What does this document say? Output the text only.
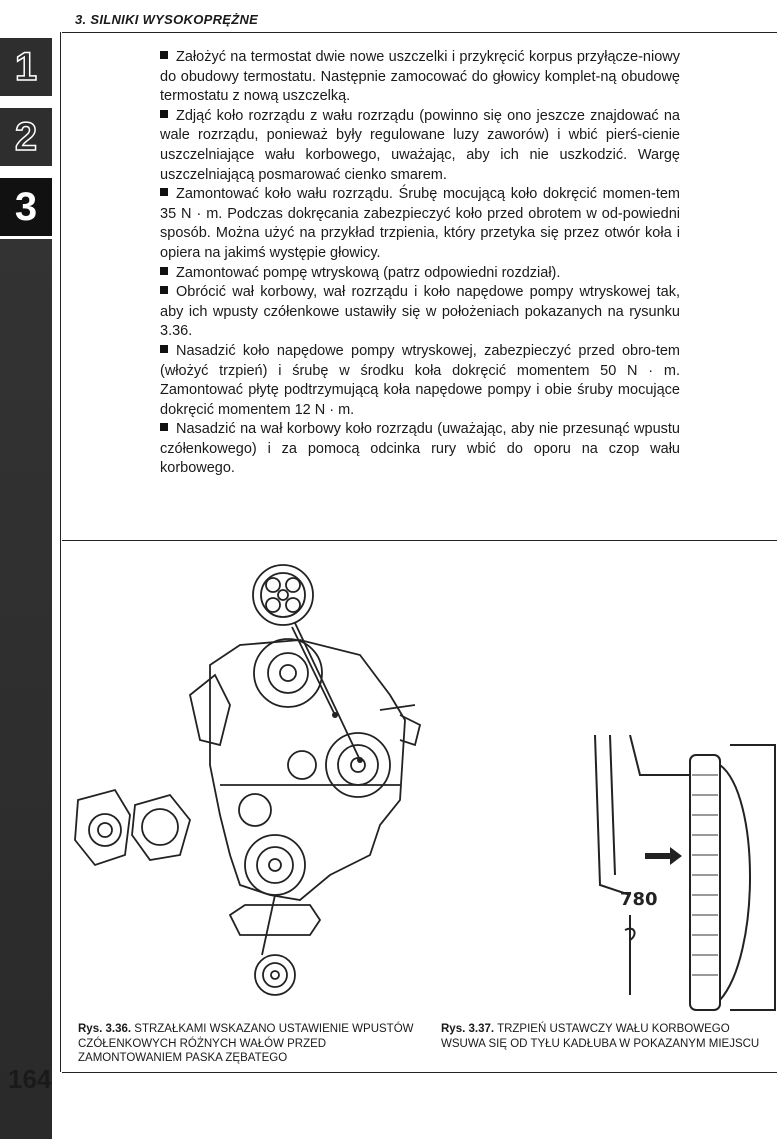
3. SILNIKI WYSOKOPRĘŻNE
1
2
3

Założyć na termostat dwie nowe uszczelki i przykręcić korpus przyłącze-niowy do obudowy termostatu. Następnie zamocować do głowicy komplet-ną obudowę termostatu z nową uszczelką.

Zdjąć koło rozrządu z wału rozrządu (powinno się ono jeszcze znajdować na wale rozrządu, ponieważ były regulowane luzy zaworów) i wbić pierś-cienie uszczelniające wału korbowego, uważając, aby ich nie uszkodzić. Wargę uszczelniającą posmarować cienko smarem.

Zamontować koło wału rozrządu. Śrubę mocującą koło dokręcić momen-tem 35 N · m. Podczas dokręcania zabezpieczyć koło przed obrotem w od-powiedni sposób. Można użyć na przykład trzpienia, który przetyka się przez otwór koła i opiera na jakimś występie głowicy.

Zamontować pompę wtryskową (patrz odpowiedni rozdział).

Obrócić wał korbowy, wał rozrządu i koło napędowe pompy wtryskowej tak, aby ich wpusty czółenkowe ustawiły się w położeniach pokazanych na rysunku 3.36.

Nasadzić koło napędowe pompy wtryskowej, zabezpieczyć przed obro-tem (włożyć trzpień) i śrubę w środku koła dokręcić momentem 50 N · m. Zamontować płytę podtrzymującą koła napędowe pompy i obie śruby mocujące dokręcić momentem 12 N · m.

Nasadzić na wał korbowy koło rozrządu (uważając, aby nie przesunąć wpustu czółenkowego) i za pomocą odcinka rury wbić do oporu na czop wału korbowego.

Rys. 3.36. STRZAŁKAMI WSKAZANO USTAWIENIE WPUSTÓW CZÓŁENKOWYCH RÓŻNYCH WAŁÓW PRZED ZAMONTOWANIEM PASKA ZĘBATEGO
780
Rys. 3.37. TRZPIEŃ USTAWCZY WAŁU KORBOWEGO WSUWA SIĘ OD TYŁU KADŁUBA W POKAZANYM MIEJSCU
164
